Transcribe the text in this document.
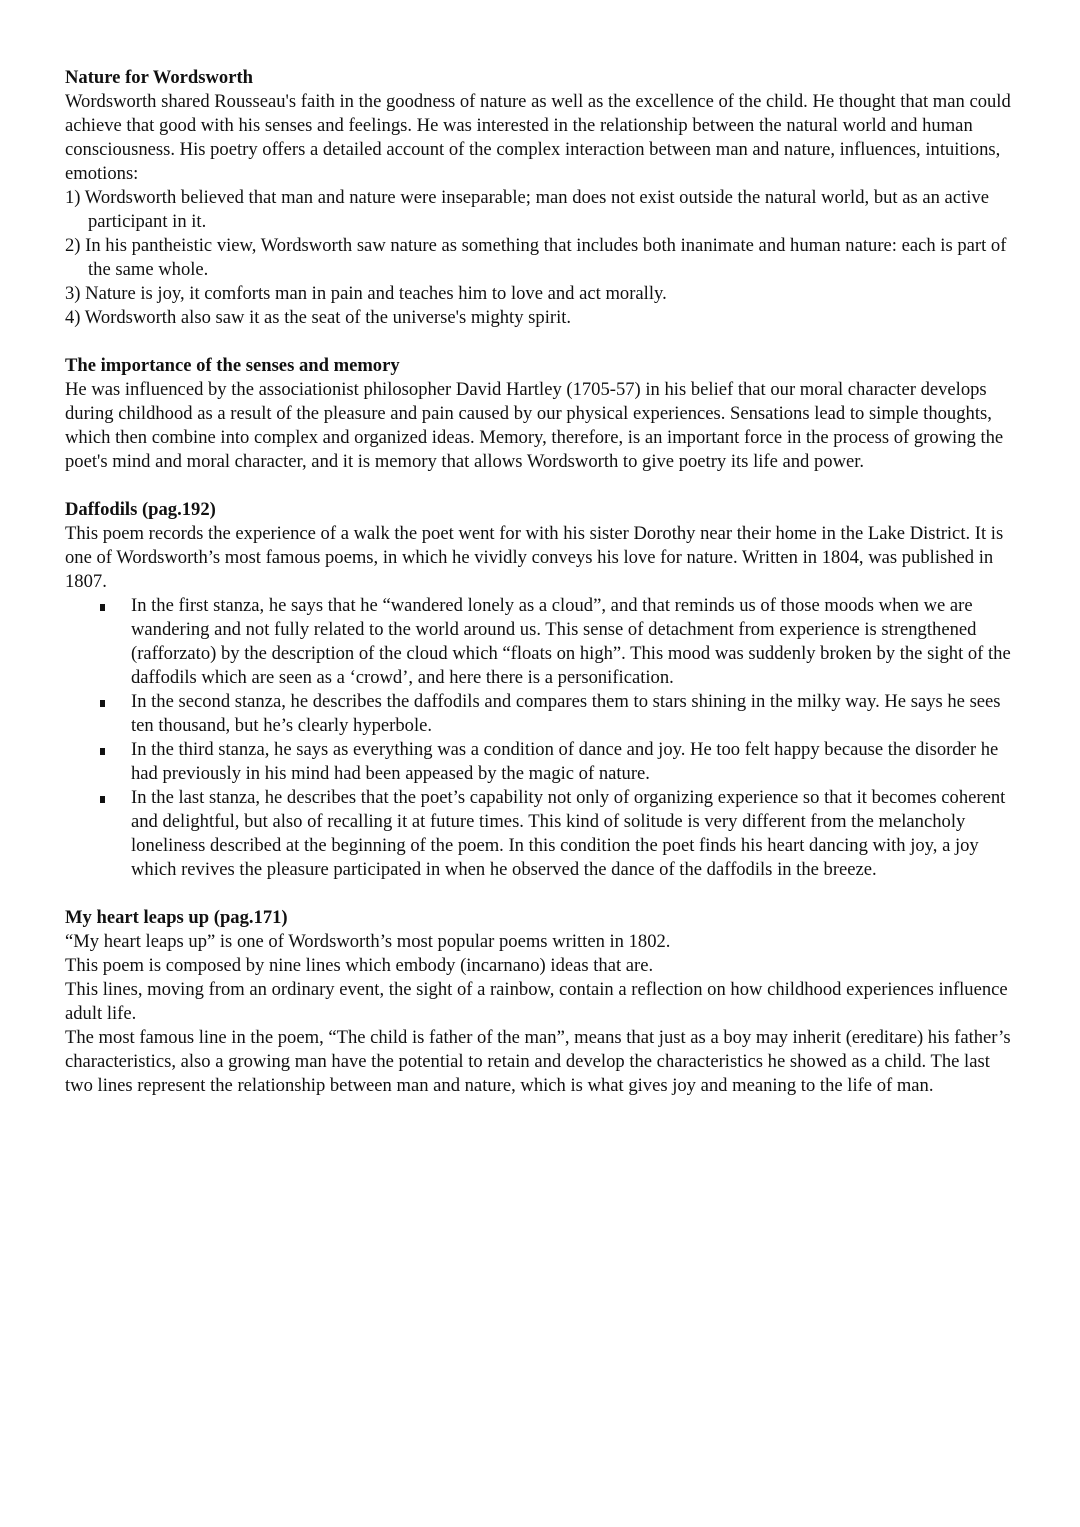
Nature for Wordsworth

Wordsworth shared Rousseau's faith in the goodness of nature as well as the excellence of the child. He thought that man could achieve that good with his senses and feelings. He was interested in the relationship between the natural world and human consciousness. His poetry offers a detailed account of the complex interaction between man and nature, influences, intuitions, emotions:

1) Wordsworth believed that man and nature were inseparable; man does not exist outside the natural world, but as an active participant in it.
2) In his pantheistic view, Wordsworth saw nature as something that includes both inanimate and human nature: each is part of the same whole.
3) Nature is joy, it comforts man in pain and teaches him to love and act morally.
4) Wordsworth also saw it as the seat of the universe's mighty spirit.

The importance of the senses and memory

He was influenced by the associationist philosopher David Hartley (1705-57) in his belief that our moral character develops during childhood as a result of the pleasure and pain caused by our physical experiences. Sensations lead to simple thoughts, which then combine into complex and organized ideas. Memory, therefore, is an important force in the process of growing the poet's mind and moral character, and it is memory that allows Wordsworth to give poetry its life and power.

Daffodils (pag.192)

This poem records the experience of a walk the poet went for with his sister Dorothy near their home in the Lake District. It is one of Wordsworth’s most famous poems, in which he vividly conveys his love for nature. Written in 1804, was published in 1807.

In the first stanza, he says that he “wandered lonely as a cloud”, and that reminds us of those moods when we are wandering and not fully related to the world around us. This sense of detachment from experience is strengthened (rafforzato) by the description of the cloud which “floats on high”. This mood was suddenly broken by the sight of the daffodils which are seen as a ‘crowd’, and here there is a personification.
In the second stanza, he describes the daffodils and compares them to stars shining in the milky way. He says he sees ten thousand, but he’s clearly hyperbole.
In the third stanza, he says as everything was a condition of dance and joy. He too felt happy because the disorder he had previously in his mind had been appeased by the magic of nature.
In the last stanza, he describes that the poet’s capability not only of organizing experience so that it becomes coherent and delightful, but also of recalling it at future times. This kind of solitude is very different from the melancholy loneliness described at the beginning of the poem. In this condition the poet finds his heart dancing with joy, a joy which revives the pleasure participated in when he observed the dance of the daffodils in the breeze.

My heart leaps up (pag.171)

“My heart leaps up” is one of Wordsworth’s most popular poems written in 1802.

This poem is composed by nine lines which embody (incarnano) ideas that are.

This lines, moving from an ordinary event, the sight of a rainbow, contain a reflection on how childhood experiences influence adult life.

The most famous line in the poem, “The child is father of the man”, means that just as a boy may inherit (ereditare) his father’s characteristics, also a growing man have the potential to retain and develop the characteristics he showed as a child. The last two lines represent the relationship between man and nature, which is what gives joy and meaning to the life of man.
